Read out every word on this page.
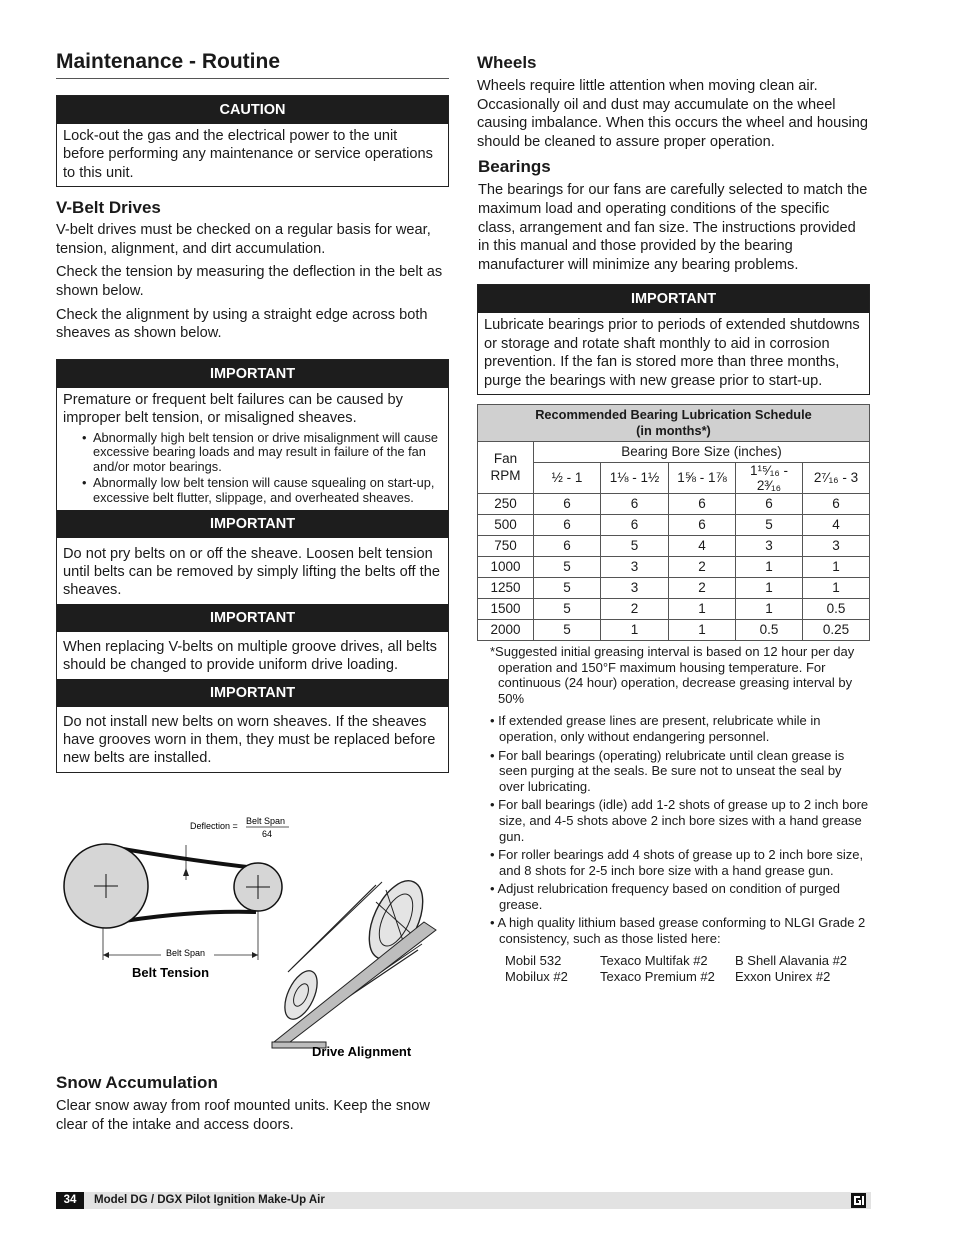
Maintenance - Routine
CAUTION
Lock-out the gas and the electrical power to the unit before performing any maintenance or service operations to this unit.
V-Belt Drives

V-belt drives must be checked on a regular basis for wear, tension, alignment, and dirt accumulation.

Check the tension by measuring the deflection in the belt as shown below.

Check the alignment by using a straight edge across both sheaves as shown below.

IMPORTANT
Premature or frequent belt failures can be caused by improper belt tension, or misaligned sheaves.
• Abnormally high belt tension or drive misalignment will cause excessive bearing loads and may result in failure of the fan and/or motor bearings.
• Abnormally low belt tension will cause squealing on start-up, excessive belt flutter, slippage, and overheated sheaves.
IMPORTANT
Do not pry belts on or off the sheave. Loosen belt tension until belts can be removed by simply lifting the belts off the sheaves.
IMPORTANT
When replacing V-belts on multiple groove drives, all belts should be changed to provide uniform drive loading.
IMPORTANT
Do not install new belts on worn sheaves. If the sheaves have grooves worn in them, they must be replaced before new belts are installed.
Deflection = Belt Span
64
Belt Span
Belt Tension
Drive Alignment
Snow Accumulation

Clear snow away from roof mounted units. Keep the snow clear of the intake and access doors.

Wheels

Wheels require little attention when moving clean air. Occasionally oil and dust may accumulate on the wheel causing imbalance. When this occurs the wheel and housing should be cleaned to assure proper operation.

Bearings

The bearings for our fans are carefully selected to match the maximum load and operating conditions of the specific class, arrangement and fan size. The instructions provided in this manual and those provided by the bearing manufacturer will minimize any bearing problems.

IMPORTANT
Lubricate bearings prior to periods of extended shutdowns or storage and rotate shaft monthly to aid in corrosion prevention. If the fan is stored more than three months, purge the bearings with new grease prior to start-up.
Recommended Bearing Lubrication Schedule
(in months*)					

Fan
RPM	Bearing Bore Size (inches)				
	½ - 1	1⅛ - 1½	1⅝ - 1⅞	1¹⁵⁄₁₆ - 2³⁄₁₆	2⁷⁄₁₆ - 3
250	6	6	6	6	6
500	6	6	6	5	4
750	6	5	4	3	3
1000	5	3	2	1	1
1250	5	3	2	1	1
1500	5	2	1	1	0.5
2000	5	1	1	0.5	0.25
*Suggested initial greasing interval is based on 12 hour per day operation and 150°F maximum housing temperature. For continuous (24 hour) operation, decrease greasing interval by 50%
• If extended grease lines are present, relubricate while in operation, only without endangering personnel.
• For ball bearings (operating) relubricate until clean grease is seen purging at the seals. Be sure not to unseat the seal by over lubricating.
• For ball bearings (idle) add 1-2 shots of grease up to 2 inch bore size, and 4-5 shots above 2 inch bore sizes with a hand grease gun.
• For roller bearings add 4 shots of grease up to 2 inch bore size, and 8 shots for 2-5 inch bore size with a hand grease gun.
• Adjust relubrication frequency based on condition of purged grease.
• A high quality lithium based grease conforming to NLGI Grade 2 consistency, such as those listed here:
Mobil 532	Texaco Multifak #2	B Shell Alavania #2
Mobilux #2	Texaco Premium #2	Exxon Unirex #2
34	Model DG / DGX Pilot Ignition Make-Up Air
